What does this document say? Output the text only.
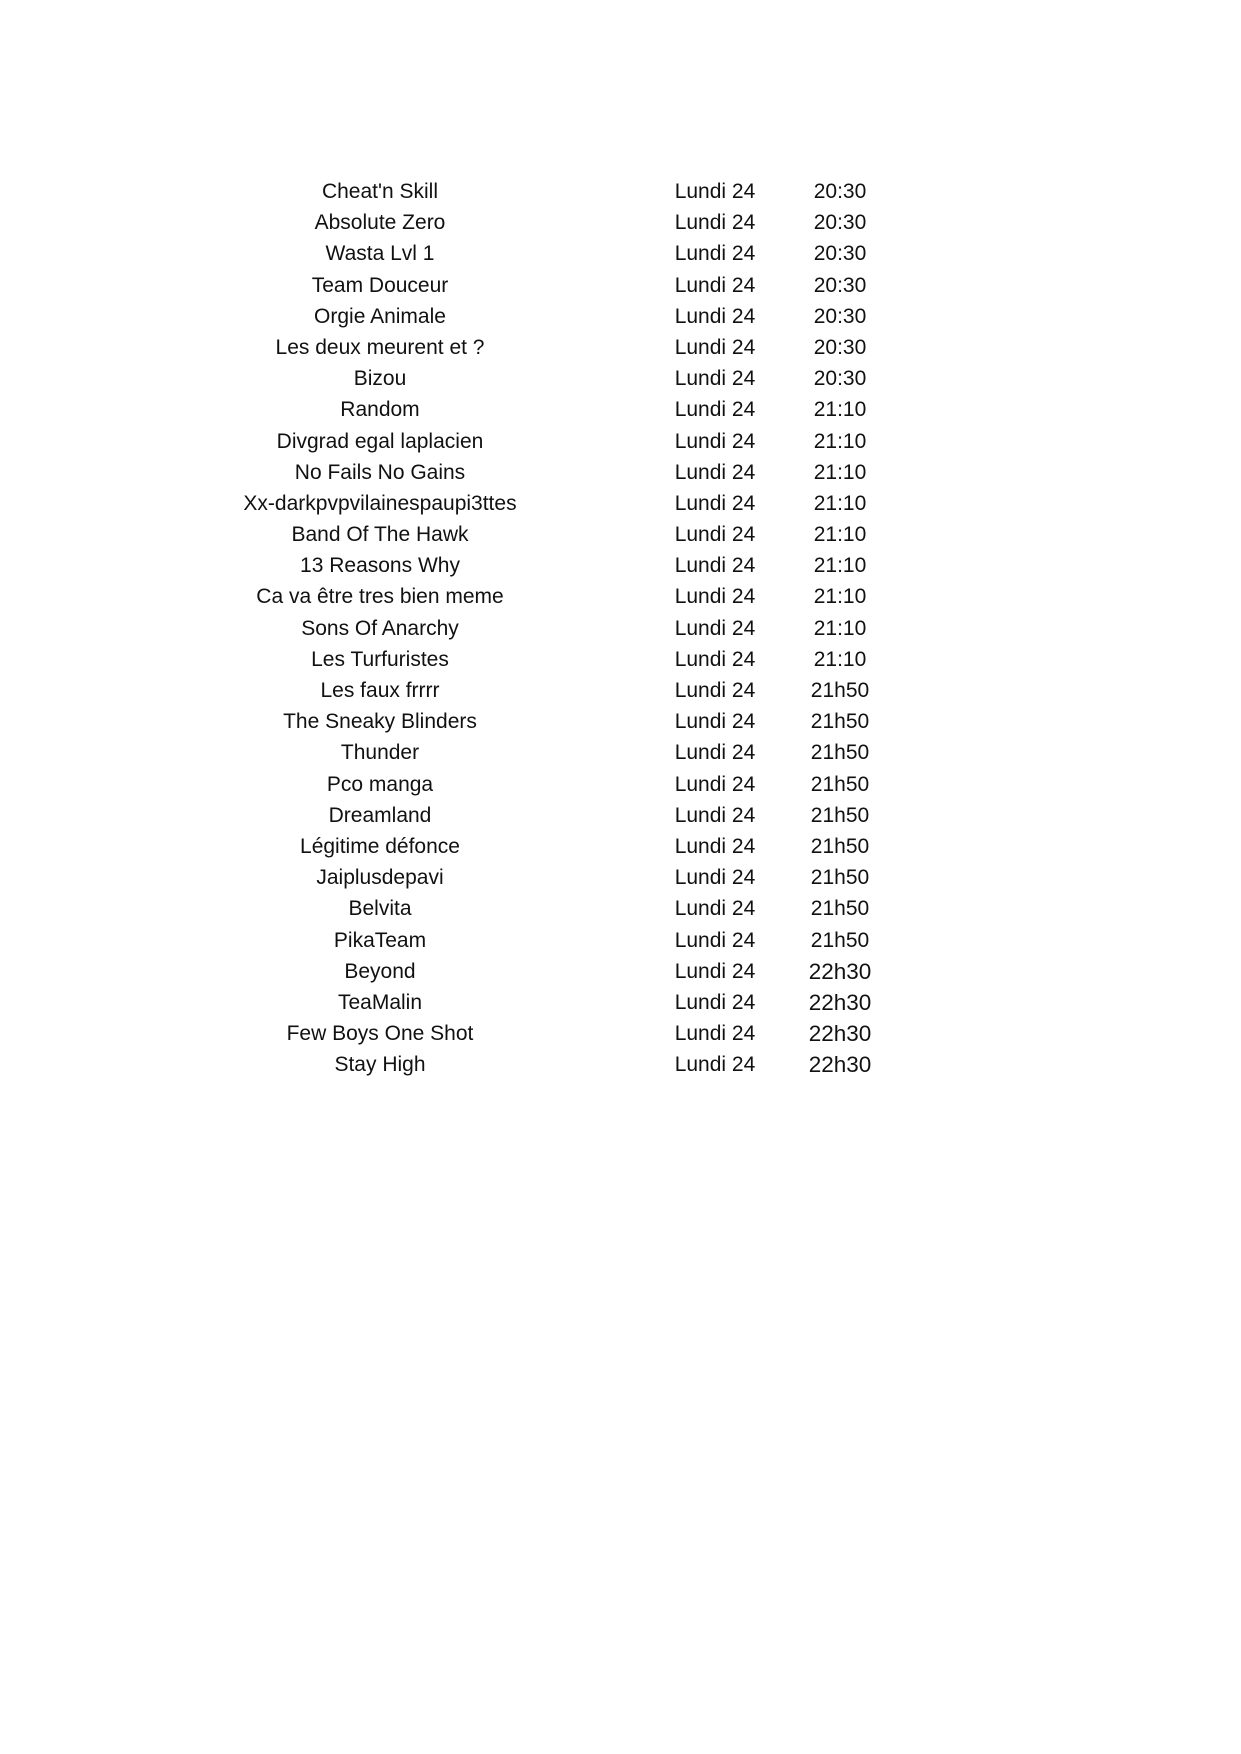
Cheat'n Skill	Lundi 24	20:30
Absolute Zero	Lundi 24	20:30
Wasta Lvl 1	Lundi 24	20:30
Team Douceur	Lundi 24	20:30
Orgie Animale	Lundi 24	20:30
Les deux meurent et ?	Lundi 24	20:30
Bizou	Lundi 24	20:30
Random	Lundi 24	21:10
Divgrad egal laplacien	Lundi 24	21:10
No Fails No Gains	Lundi 24	21:10
Xx-darkpvpvilainespaupi3ttes	Lundi 24	21:10
Band Of The Hawk	Lundi 24	21:10
13 Reasons Why	Lundi 24	21:10
Ca va être tres bien meme	Lundi 24	21:10
Sons Of Anarchy	Lundi 24	21:10
Les Turfuristes	Lundi 24	21:10
Les faux frrrr	Lundi 24	21h50
The Sneaky Blinders	Lundi 24	21h50
Thunder	Lundi 24	21h50
Pco manga	Lundi 24	21h50
Dreamland	Lundi 24	21h50
Légitime défonce	Lundi 24	21h50
Jaiplusdepavi	Lundi 24	21h50
Belvita	Lundi 24	21h50
PikaTeam	Lundi 24	21h50
Beyond	Lundi 24	22h30
TeaMalin	Lundi 24	22h30
Few Boys One Shot	Lundi 24	22h30
Stay High	Lundi 24	22h30
